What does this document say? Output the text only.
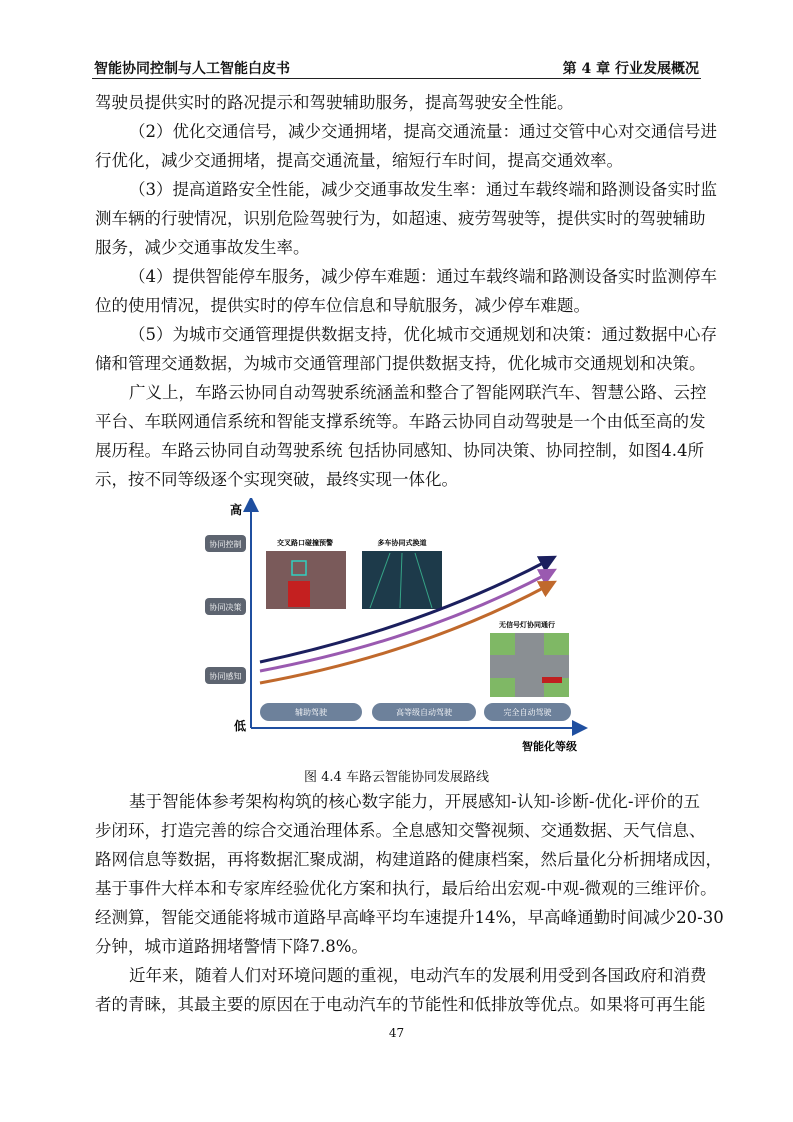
智能协同控制与人工智能白皮书	第 4 章 行业发展概况
驾驶员提供实时的路况提示和驾驶辅助服务，提高驾驶安全性能。
（2）优化交通信号，减少交通拥堵，提高交通流量：通过交管中心对交通信号进
行优化，减少交通拥堵，提高交通流量，缩短行车时间，提高交通效率。
（3）提高道路安全性能，减少交通事故发生率：通过车载终端和路测设备实时监
测车辆的行驶情况，识别危险驾驶行为，如超速、疲劳驾驶等，提供实时的驾驶辅助
服务，减少交通事故发生率。
（4）提供智能停车服务，减少停车难题：通过车载终端和路测设备实时监测停车
位的使用情况，提供实时的停车位信息和导航服务，减少停车难题。
（5）为城市交通管理提供数据支持，优化城市交通规划和决策：通过数据中心存
储和管理交通数据，为城市交通管理部门提供数据支持，优化城市交通规划和决策。
广义上，车路云协同自动驾驶系统涵盖和整合了智能网联汽车、智慧公路、云控
平台、车联网通信系统和智能支撑系统等。车路云协同自动驾驶是一个由低至高的发
展历程。车路云协同自动驾驶系统 包括协同感知、协同决策、协同控制，如图4.4所
示，按不同等级逐个实现突破，最终实现一体化。
高
低
智能化等级
协同控制
协同决策
协同感知
交叉路口碰撞预警	多车协同式换道
无信号灯协同通行
辅助驾驶	高等级自动驾驶	完全自动驾驶
图 4.4 车路云智能协同发展路线
基于智能体参考架构构筑的核心数字能力，开展感知-认知-诊断-优化-评价的五
步闭环，打造完善的综合交通治理体系。全息感知交警视频、交通数据、天气信息、
路网信息等数据，再将数据汇聚成湖，构建道路的健康档案，然后量化分析拥堵成因，
基于事件大样本和专家库经验优化方案和执行，最后给出宏观-中观-微观的三维评价。
经测算，智能交通能将城市道路早高峰平均车速提升14%，早高峰通勤时间减少20-30
分钟，城市道路拥堵警情下降7.8%。
近年来，随着人们对环境问题的重视，电动汽车的发展利用受到各国政府和消费
者的青睐，其最主要的原因在于电动汽车的节能性和低排放等优点。如果将可再生能
47
